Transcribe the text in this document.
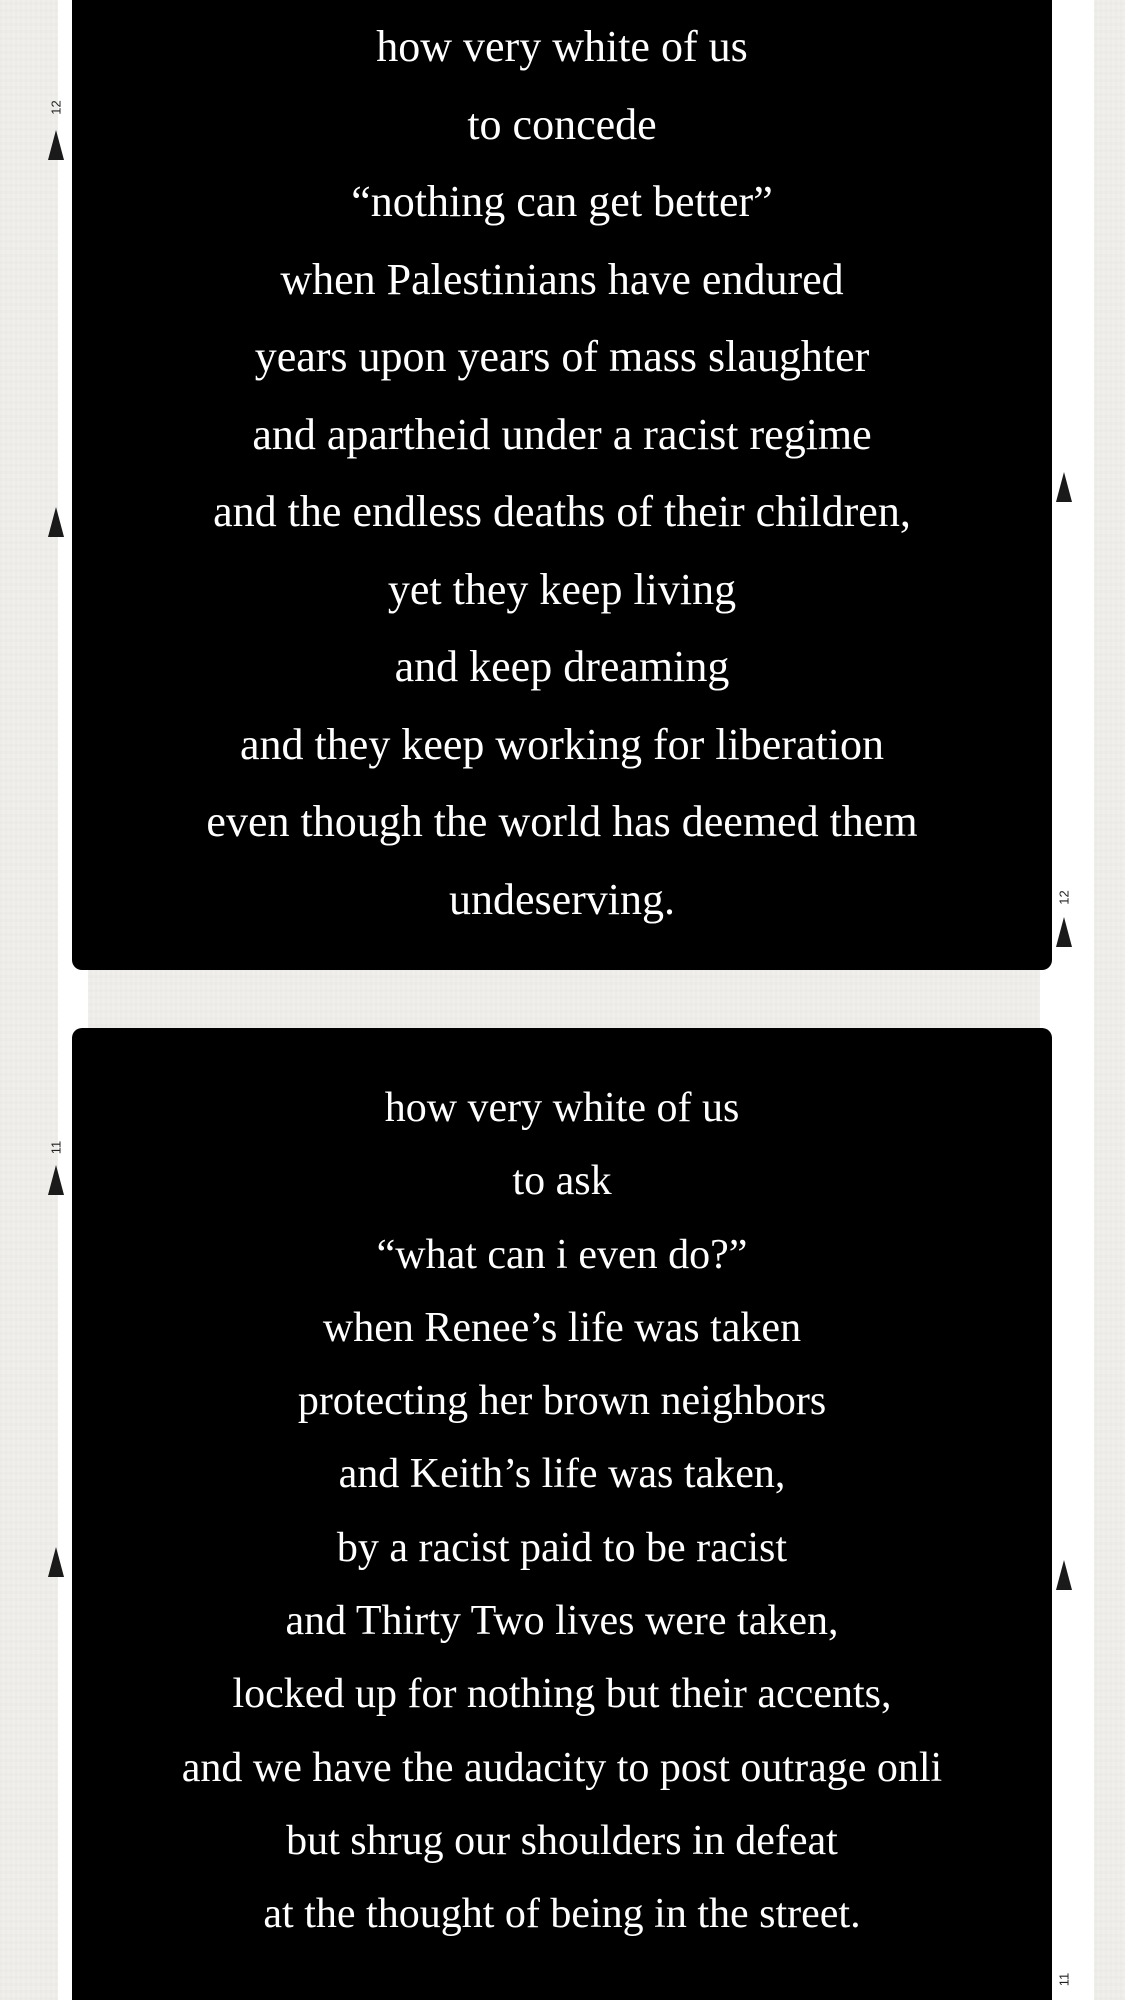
how very white of us
to concede
“nothing can get better”
when Palestinians have endured
years upon years of mass slaughter
and apartheid under a racist regime
and the endless deaths of their children,
yet they keep living
and keep dreaming
and they keep working for liberation
even though the world has deemed them
undeserving.
how very white of us
to ask
“what can i even do?”
when Renee’s life was taken
protecting her brown neighbors
and Keith’s life was taken,
by a racist paid to be racist
and Thirty Two lives were taken,
locked up for nothing but their accents,
and we have the audacity to post outrage onli
but shrug our shoulders in defeat
at the thought of being in the street.
12
12
11
11
